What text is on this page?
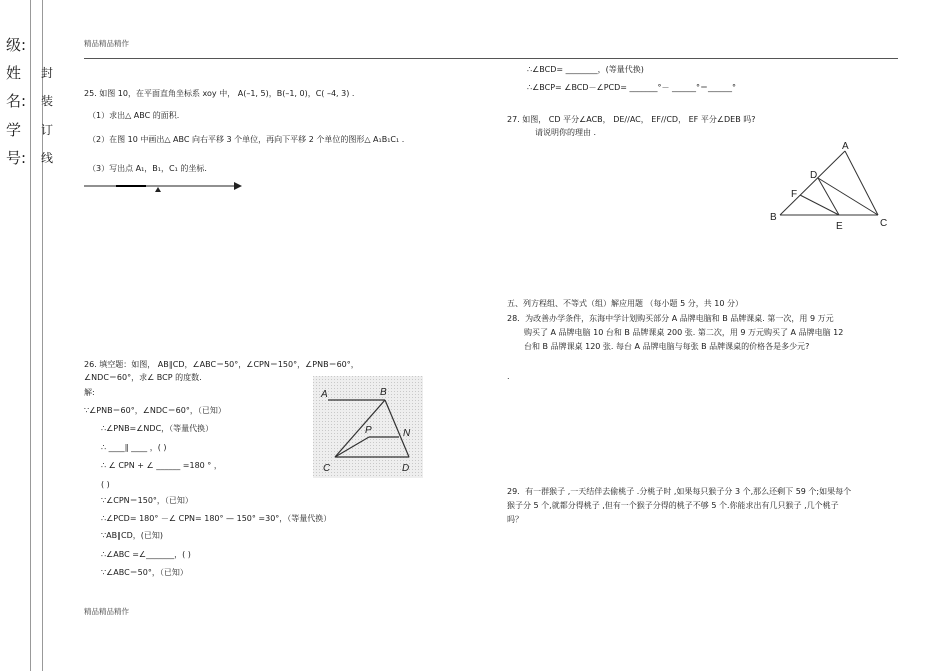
级:
姓
名:
学
号:
封
装
订
线
精品精品精作
精品精品精作
25. 如图 10，在平面直角坐标系 xoy 中， A(–1, 5)，B(–1, 0)，C( –4, 3) .
（1）求出△ ABC 的面积.
（2）在图 10 中画出△ ABC 向右平移 3 个单位，再向下平移 2 个单位的图形△ A₁B₁C₁ .
（3）写出点 A₁，B₁，C₁ 的坐标.
26. 填空题：如图， AB∥CD，∠ABC＝50°，∠CPN＝150°，∠PNB＝60°，
∠NDC＝60°，求∠ BCP 的度数.
解:
∵∠PNB＝60°，∠NDC＝60°，（已知）
∴∠PNB=∠NDC，（等量代换）
∴ ____∥ ____ ，( )
∴ ∠ CPN + ∠ ______ =180 ° ，
( )
∵∠CPN＝150°，（已知）
∴∠PCD= 180° －∠ CPN= 180° — 150° =30°，（等量代换）
∵AB∥CD，(已知)
∴∠ABC =∠_______，( )
∵∠ABC＝50°，（已知）
A	B
P	N
C	D
∴∠BCD= ________，(等量代换)
∴∠BCP= ∠BCD－∠PCD= _______°－ ______°＝______°
27. 如图， CD 平分∠ACB， DE//AC， EF//CD， EF 平分∠DEB 吗?
请说明你的理由 .
A
D
F
B
E	C
五、列方程组、不等式（组）解应用题 （每小题 5 分，共 10 分）
28．为改善办学条件，东海中学计划购买部分 A 品牌电脑和 B 品牌课桌. 第一次，用 9 万元
购买了 A 品牌电脑 10 台和 B 品牌课桌 200 张. 第二次，用 9 万元购买了 A 品牌电脑 12
台和 B 品牌课桌 120 张. 每台 A 品牌电脑与每张 B 品牌课桌的价格各是多少元?
.
29．有一群猴子 ,一天结伴去偷桃子 .分桃子时 ,如果每只猴子分 3 个,那么还剩下 59 个;如果每个
猴子分 5 个,就都分得桃子 ,但有一个猴子分得的桃子不够 5 个.你能求出有几只猴子 ,几个桃子
吗？
